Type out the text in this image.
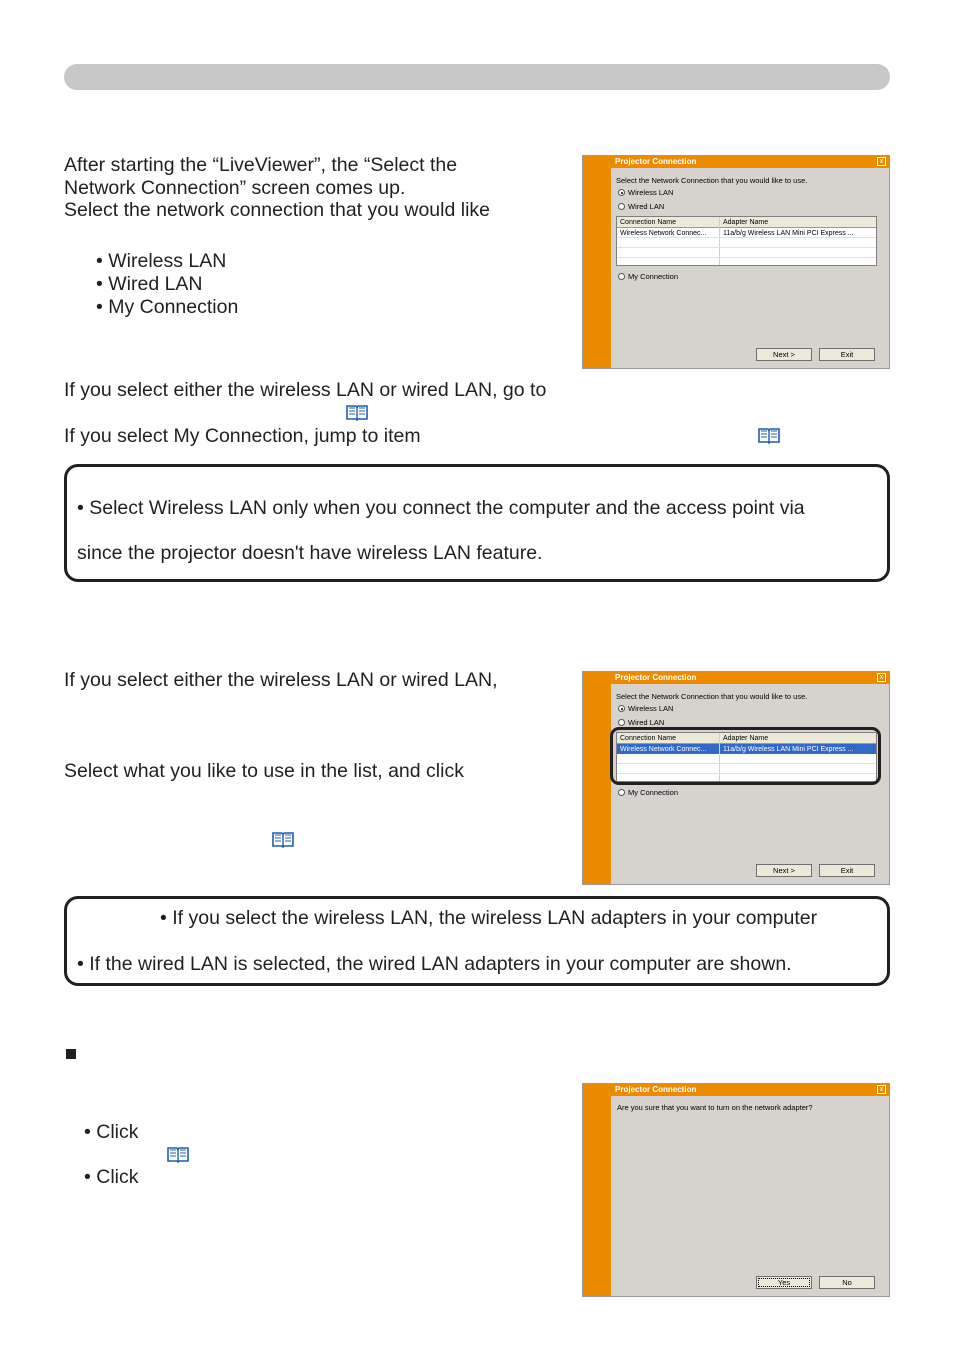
After starting the “LiveViewer”, the “Select the
Network Connection” screen comes up.
Select the network connection that you would like
• Wireless LAN
• Wired LAN
• My Connection
If you select either the wireless LAN or wired LAN, go to
If you select My Connection, jump to item
Projector Connection	x
Select the Network Connection that you would like to use.
Wireless LAN
Wired LAN
Connection Name	Adapter Name
Wireless Network Connec...	11a/b/g Wireless LAN Mini PCI Express ...
My Connection
Next >	Exit
• Select Wireless LAN only when you connect the computer and the access point via
since the projector doesn't have wireless LAN feature.
If you select either the wireless LAN or wired LAN,
Select what you like to use in the list, and click
Projector Connection	x
Select the Network Connection that you would like to use.
Wireless LAN
Wired LAN
Connection Name	Adapter Name
Wireless Network Connec...	11a/b/g Wireless LAN Mini PCI Express ...
My Connection
Next >	Exit
• If you select the wireless LAN, the wireless LAN adapters in your computer
• If the wired LAN is selected, the wired LAN adapters in your computer are shown.
• Click
• Click
Projector Connection	x
Are you sure that you want to turn on the network adapter?
Yes	No
